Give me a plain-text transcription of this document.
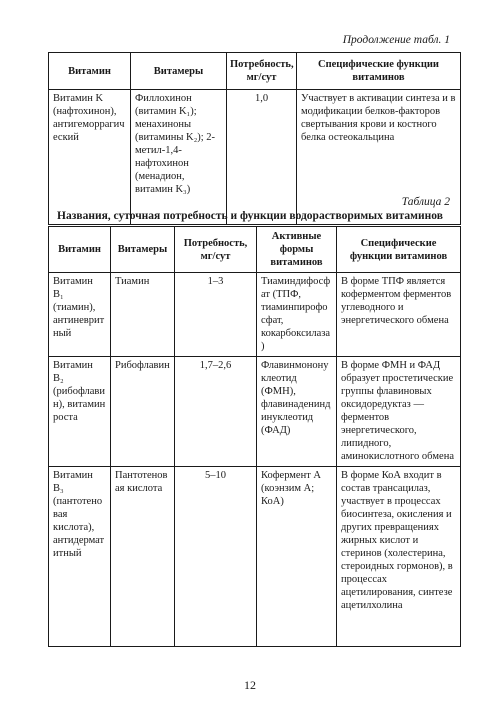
Продолжение табл. 1
Витамин	Витамеры	Потребность, мг/сут	Специфические функции витаминов
Витамин K (нафтохинон), антигеморрагический	Филлохинон (витамин K₁); менахиноны (витамины K₂); 2-метил-1,4-нафтохинон (менадион, витамин K₃)	1,0	Участвует в активации синтеза и в модификации белков-факторов свертывания крови и костного белка остеокальцина
Таблица 2
Названия, суточная потребность и функции водорастворимых витаминов
Витамин	Витамеры	Потребность, мг/сут	Активные формы витаминов	Специфические функции витаминов
Витамин B₁ (тиамин), антиневритный	Тиамин	1–3	Тиаминдифосфат (ТПФ, тиаминпирофосфат, кокарбоксилаза)	В форме ТПФ является коферментом ферментов углеводного и энергетического обмена
Витамин B₂ (рибофлавин), витамин роста	Рибофлавин	1,7–2,6	Флавинмононуклеотид (ФМН), флавинадениндинуклеотид (ФАД)	В форме ФМН и ФАД образует простетические группы флавиновых оксидоредуктаз — ферментов энергетического, липидного, аминокислотного обмена
Витамин B₃ (пантотеновая кислота), антидерматитный	Пантотеновая кислота	5–10	Кофермент A (коэнзим A; КоА)	В форме КоА входит в состав трансацилаз, участвует в процессах биосинтеза, окисления и других превращениях жирных кислот и стеринов (холестерина, стероидных гормонов), в процессах ацетилирования, синтезе ацетилхолина
12
